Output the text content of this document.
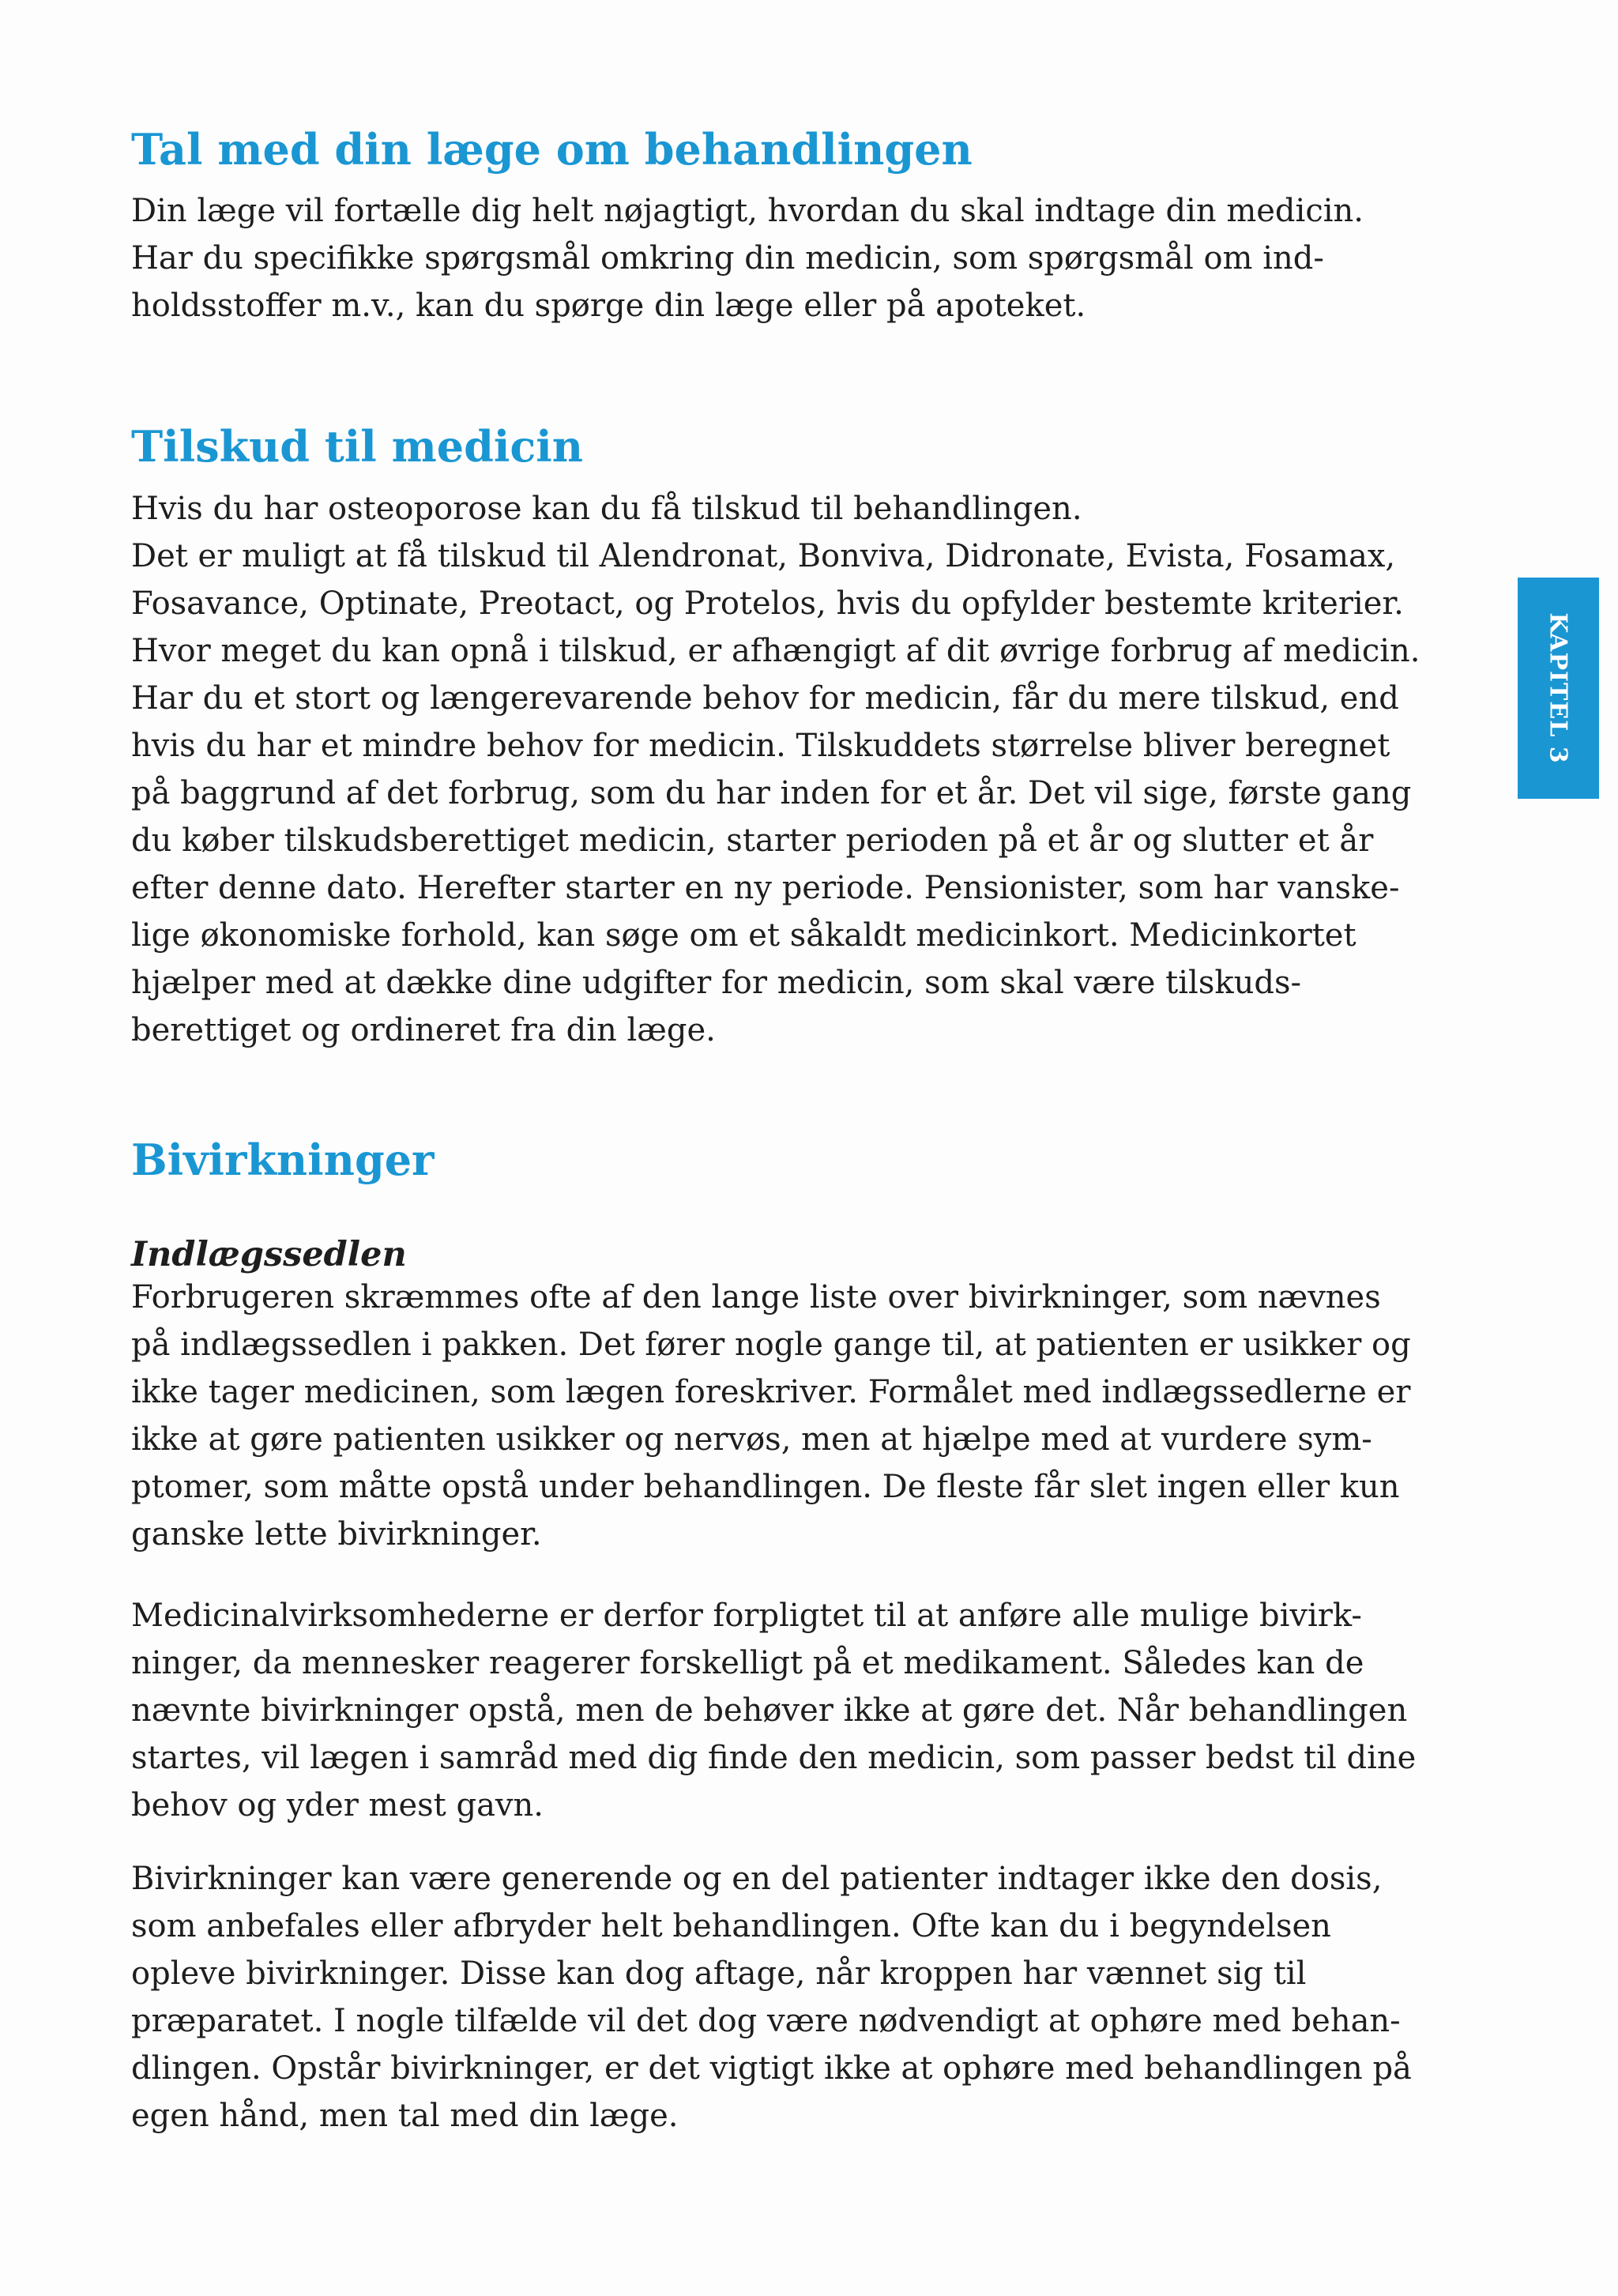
Tal med din læge om behandlingen

Din læge vil fortælle dig helt nøjagtigt, hvordan du skal indtage din medicin.
Har du specifikke spørgsmål omkring din medicin, som spørgsmål om ind-
holdsstoffer m.v., kan du spørge din læge eller på apoteket.

Tilskud til medicin

Hvis du har osteoporose kan du få tilskud til behandlingen.
Det er muligt at få tilskud til Alendronat, Bonviva, Didronate, Evista, Fosamax,
Fosavance, Optinate, Preotact, og Protelos, hvis du opfylder bestemte kriterier.
Hvor meget du kan opnå i tilskud, er afhængigt af dit øvrige forbrug af medicin.
Har du et stort og længerevarende behov for medicin, får du mere tilskud, end
hvis du har et mindre behov for medicin. Tilskuddets størrelse bliver beregnet
på baggrund af det forbrug, som du har inden for et år. Det vil sige, første gang
du køber tilskudsberettiget medicin, starter perioden på et år og slutter et år
efter denne dato. Herefter starter en ny periode. Pensionister, som har vanske-
lige økonomiske forhold, kan søge om et såkaldt medicinkort. Medicinkortet
hjælper med at dække dine udgifter for medicin, som skal være tilskuds-
berettiget og ordineret fra din læge.

Bivirkninger

Indlægssedlen

Forbrugeren skræmmes ofte af den lange liste over bivirkninger, som nævnes
på indlægssedlen i pakken. Det fører nogle gange til, at patienten er usikker og
ikke tager medicinen, som lægen foreskriver. Formålet med indlægssedlerne er
ikke at gøre patienten usikker og nervøs, men at hjælpe med at vurdere sym-
ptomer, som måtte opstå under behandlingen. De fleste får slet ingen eller kun
ganske lette bivirkninger.

Medicinalvirksomhederne er derfor forpligtet til at anføre alle mulige bivirk-
ninger, da mennesker reagerer forskelligt på et medikament. Således kan de
nævnte bivirkninger opstå, men de behøver ikke at gøre det. Når behandlingen
startes, vil lægen i samråd med dig finde den medicin, som passer bedst til dine
behov og yder mest gavn.

Bivirkninger kan være generende og en del patienter indtager ikke den dosis,
som anbefales eller afbryder helt behandlingen. Ofte kan du i begyndelsen
opleve bivirkninger. Disse kan dog aftage, når kroppen har vænnet sig til
præparatet. I nogle tilfælde vil det dog være nødvendigt at ophøre med behan-
dlingen. Opstår bivirkninger, er det vigtigt ikke at ophøre med behandlingen på
egen hånd, men tal med din læge.

KAPITEL 3
